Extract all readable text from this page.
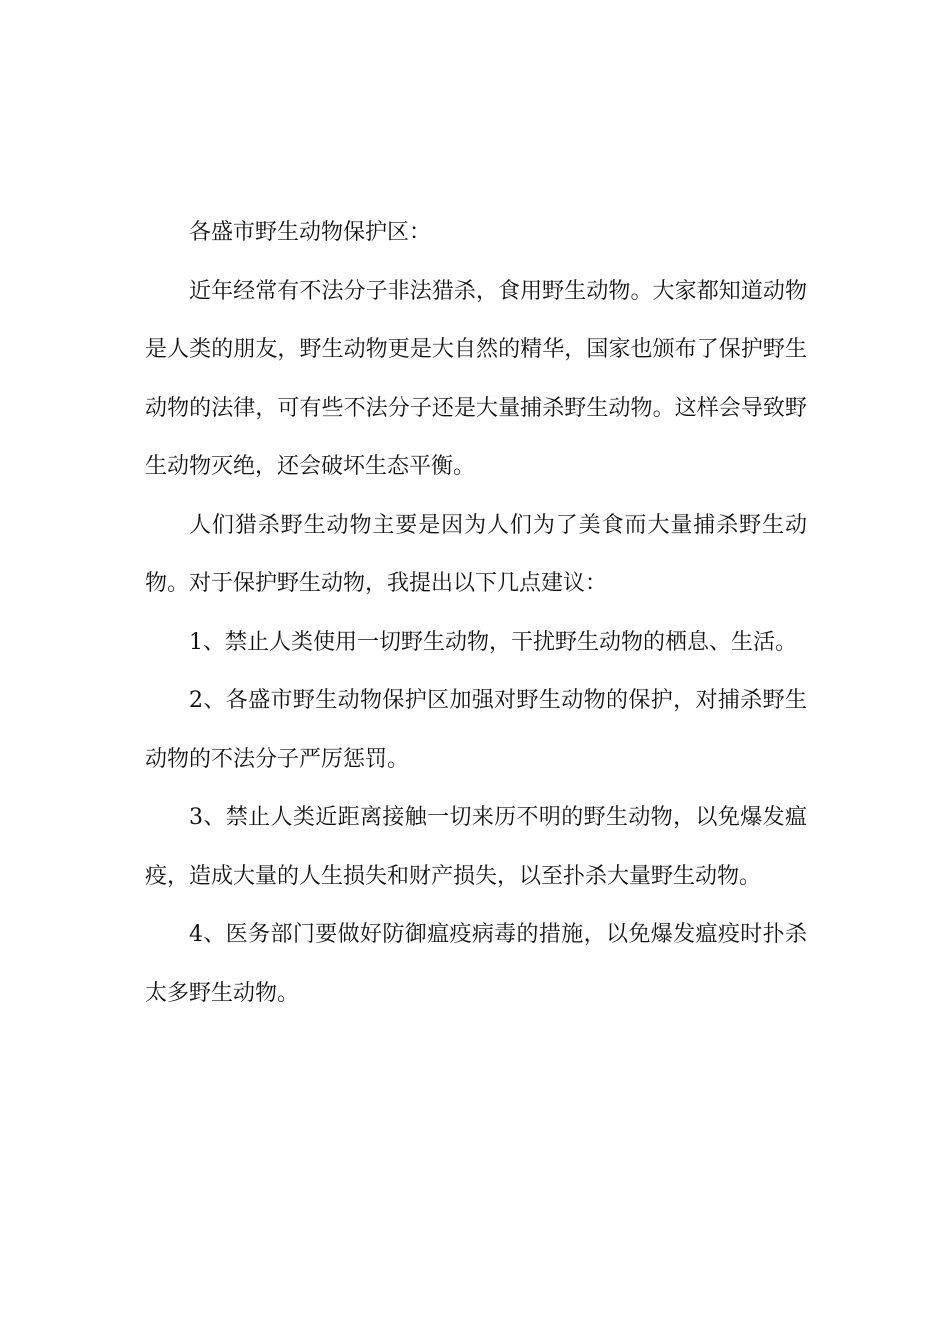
各盛市野生动物保护区：

近年经常有不法分子非法猎杀，食用野生动物。大家都知道动物是人类的朋友，野生动物更是大自然的精华，国家也颁布了保护野生动物的法律，可有些不法分子还是大量捕杀野生动物。这样会导致野生动物灭绝，还会破坏生态平衡。

人们猎杀野生动物主要是因为人们为了美食而大量捕杀野生动物。对于保护野生动物，我提出以下几点建议：

1、禁止人类使用一切野生动物，干扰野生动物的栖息、生活。

2、各盛市野生动物保护区加强对野生动物的保护，对捕杀野生动物的不法分子严厉惩罚。

3、禁止人类近距离接触一切来历不明的野生动物，以免爆发瘟疫，造成大量的人生损失和财产损失，以至扑杀大量野生动物。

4、医务部门要做好防御瘟疫病毒的措施，以免爆发瘟疫时扑杀太多野生动物。
